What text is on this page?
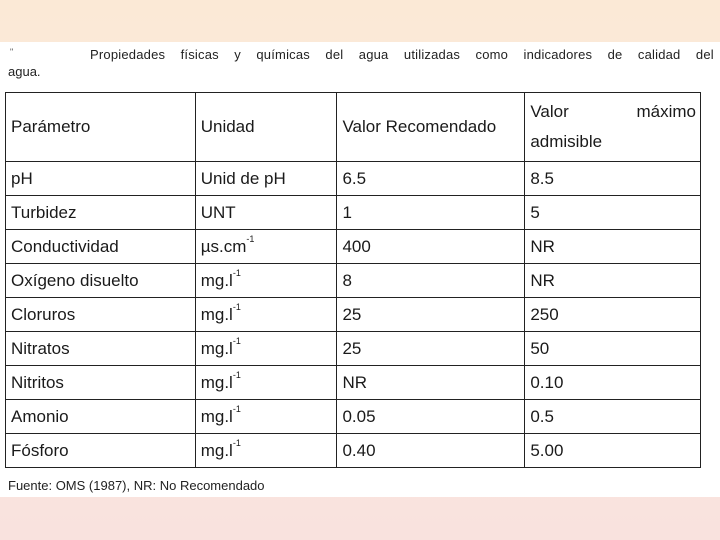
"	Propiedades físicas y químicas del agua utilizadas como indicadores de calidad del
agua.
Parámetro	Unidad	Valor Recomendado	Valor máximo
admisible

pH	Unid de pH	6.5	8.5
Turbidez	UNT	1	5
Conductividad	$\mu s.cm^{-1}$	400	NR
Oxígeno disuelto	$mg.l^{-1}$	8	NR
Cloruros	$mg.l^{-1}$	25	250
Nitratos	$mg.l^{-1}$	25	50
Nitritos	$mg.l^{-1}$	NR	0.10
Amonio	$mg.l^{-1}$	0.05	0.5
Fósforo	$mg.l^{-1}$	0.40	5.00
Fuente: OMS (1987), NR: No Recomendado
